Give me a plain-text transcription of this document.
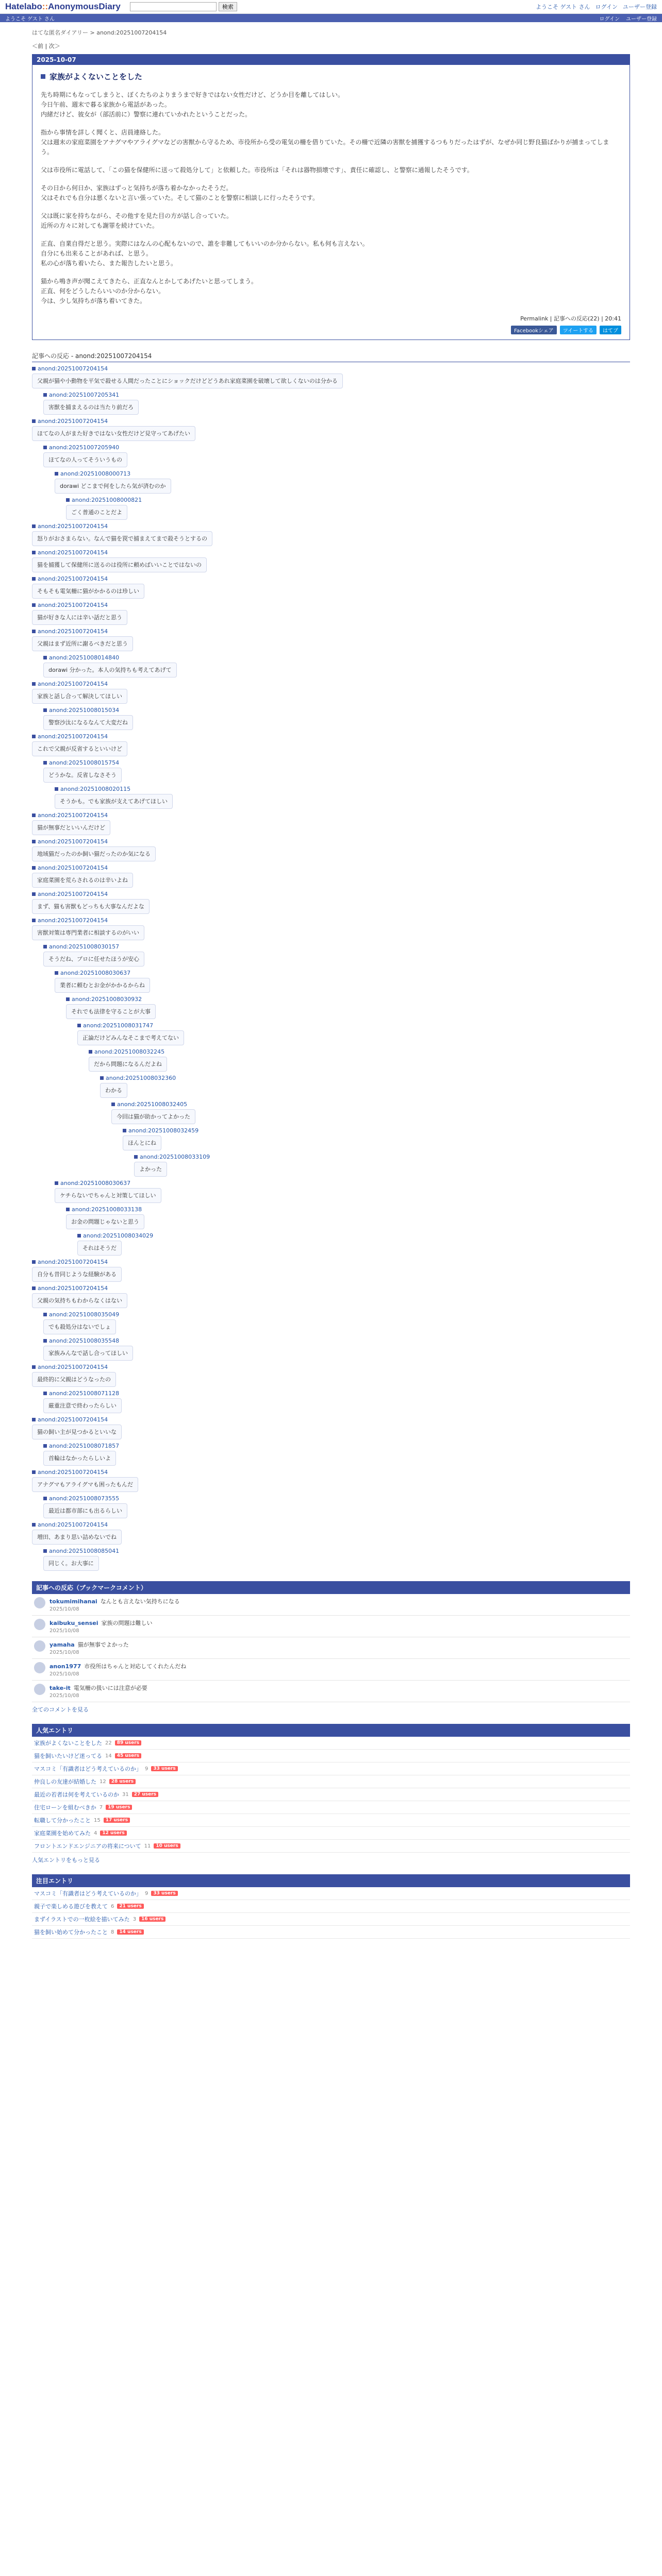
Hatelabo::AnonymousDiary	検索	ようこそ ゲスト さん ログイン ユーザー登録
ようこそ ゲスト さん	ログイン ユーザー登録
はてな匿名ダイアリー > anond:20251007204154
＜前 | 次＞
2025-10-07
家族がよくないことをした
先ち時期にもなってしまうと、ぼくたちのよりまうまで好きではない女性だけど、どうか目を離してはしい。
今日午前、週末で暮る家族から電話があった。
内緒だけど、彼女が（部活前に）警察に連れていかれたということだった。
指から事情を詳しく聞くと、店員連絡した。
父は週末の家庭菜園をアナグマやアライグマなどの害獣から守るため、市役所から受の電気の柵を借りていた。その柵で近隣の害獣を捕獲するつもりだったはずが、なぜか同じ野良猫ばかりが捕まってしまう。
父は市役所に電話して、「この猫を保健所に送って殺処分して」と依頼した。市役所は「それは器物損壊です」、責任に確認し、と警察に通報したそうです。
その日から何日か、家族はずっと気持ちが落ち着かなかったそうだ。
父はそれでも自分は悪くないと言い張っていた。そして猫のことを警察に相談しに行ったそうです。
父は既に家を持ちながら、その他すを見た目の方が話し合っていた。
近所の方々に対しても謝罪を続けていた。
正直、自業自得だと思う。実際にはなんの心配もないので、誰を非難してもいいのか分からない。私も何も言えない。
自分にも出来ることがあれば、と思う。
私の心が落ち着いたら、また報告したいと思う。
猫から鳴き声が聞こえてきたら、正直なんとかしてあげたいと思ってしまう。
正直、何をどうしたらいいのか分からない。
今は、少し気持ちが落ち着いてきた。
Permalink | 記事への反応(22) | 20:41
Facebookシェア	ツイートする	はてブ
記事への反応 - anond:20251007204154
anond:20251007204154
父親が猫や小動物を平気で殺せる人間だったことにショックだけどどうあれ家庭菜園を破壊して欲しくないのは分かる
anond:20251007205341
害獣を捕まえるのは当たり前だろ
anond:20251007204154
ほてなの人がまた好きではない女性だけど見守ってあげたい
anond:20251007205940
ほてなの人ってそういうもの
anond:20251008000713
dorawi どこまで何をしたら気が済むのか
anond:20251008000821
ごく普通のことだよ
anond:20251007204154
怒りがおさまらない。なんで猫を罠で捕まえてまで殺そうとするの
anond:20251007204154
猫を捕獲して保健所に送るのは役所に頼めばいいことではないの
anond:20251007204154
そもそも電気柵に猫がかかるのは珍しい
anond:20251007204154
猫が好きな人には辛い話だと思う
anond:20251007204154
父親はまず近所に謝るべきだと思う
anond:20251008014840
dorawi 分かった。本人の気持ちも考えてあげて
anond:20251007204154
家族と話し合って解決してほしい
anond:20251008015034
警察沙汰になるなんて大変だね
anond:20251007204154
これで父親が反省するといいけど
anond:20251008015754
どうかな。反省しなさそう
anond:20251008020115
そうかも。でも家族が支えてあげてほしい
anond:20251007204154
猫が無事だといいんだけど
anond:20251007204154
地域猫だったのか飼い猫だったのか気になる
anond:20251007204154
家庭菜園を荒らされるのは辛いよね
anond:20251007204154
まず、猫も害獣もどっちも大事なんだよな
anond:20251007204154
害獣対策は専門業者に相談するのがいい
anond:20251008030157
そうだね、プロに任せたほうが安心
anond:20251008030637
業者に頼むとお金がかかるからね
anond:20251008030932
それでも法律を守ることが大事
anond:20251008031747
正論だけどみんなそこまで考えてない
anond:20251008032245
だから問題になるんだよね
anond:20251008032360
わかる
anond:20251008032405
今回は猫が助かってよかった
anond:20251008032459
ほんとにね
anond:20251008033109
よかった
anond:20251008030637
ケチらないでちゃんと対策してほしい
anond:20251008033138
お金の問題じゃないと思う
anond:20251008034029
それはそうだ
anond:20251007204154
自分も昔同じような経験がある
anond:20251007204154
父親の気持ちもわからなくはない
anond:20251008035049
でも殺処分はないでしょ
anond:20251008035548
家族みんなで話し合ってほしい
anond:20251007204154
最終的に父親はどうなったの
anond:20251008071128
厳重注意で終わったらしい
anond:20251007204154
猫の飼い主が見つかるといいな
anond:20251008071857
首輪はなかったらしいよ
anond:20251007204154
アナグマもアライグマも困ったもんだ
anond:20251008073555
最近は都市部にも出るらしい
anond:20251007204154
増田、あまり思い詰めないでね
anond:20251008085041
同じく。お大事に
記事への反応（ブックマークコメント）
tokumimihanai なんとも言えない気持ちになる
2025/10/08
kaibuku_sensei 家族の問題は難しい
2025/10/08
yamaha 猫が無事でよかった
2025/10/08
anon1977 市役所はちゃんと対応してくれたんだね
2025/10/08
take-it 電気柵の扱いには注意が必要
2025/10/08
全てのコメントを見る
人気エントリ
家族がよくないことをした 22	89 users
猫を飼いたいけど迷ってる 14	45 users
マスコミ「有識者はどう考えているのか」 9	33 users
仲良しの友達が結婚した 12	28 users
最近の若者は何を考えているのか 31	27 users
住宅ローンを組むべきか 7	19 users
転職して分かったこと 15	17 users
家庭菜園を始めてみた 4	12 users
フロントエンドエンジニアの将来について 11	10 users
人気エントリをもっと見る
注目エントリ
マスコミ「有識者はどう考えているのか」 9	33 users
親子で楽しめる遊びを教えて 6	21 users
まずイラストでの一枚絵を描いてみた 3	16 users
猫を飼い始めて分かったこと 8	14 users
